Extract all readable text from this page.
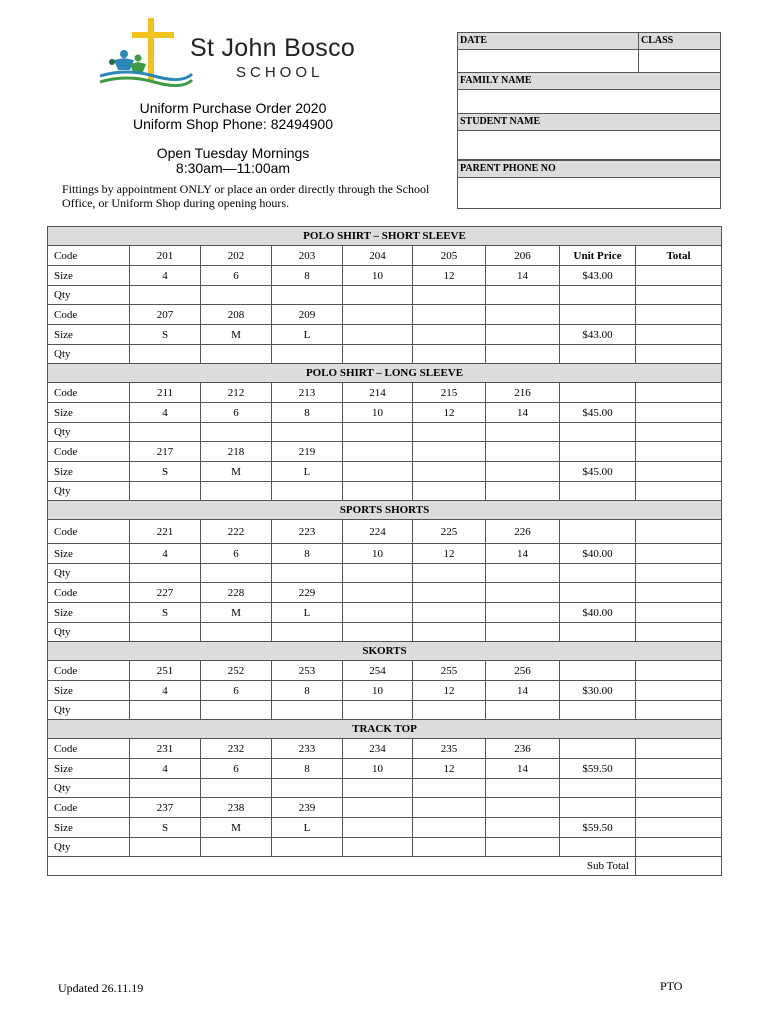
St John Bosco
SCHOOL
Uniform Purchase Order 2020
Uniform Shop Phone: 82494900
Open Tuesday Mornings
8:30am—11:00am
Fittings by appointment ONLY or place an order directly through the School Office, or Uniform Shop during opening hours.
DATE	CLASS
FAMILY NAME
STUDENT NAME
PARENT PHONE NO
POLO SHIRT – SHORT SLEEVE								
Code	201	202	203	204	205	206	Unit Price	Total
Size	4	6	8	10	12	14	$43.00	
Qty								
Code	207	208	209					
Size	S	M	L				$43.00	
Qty								
POLO SHIRT – LONG SLEEVE								
Code	211	212	213	214	215	216		
Size	4	6	8	10	12	14	$45.00	
Qty								
Code	217	218	219					
Size	S	M	L				$45.00	
Qty								
SPORTS SHORTS								
Code	221	222	223	224	225	226		
Size	4	6	8	10	12	14	$40.00	
Qty								
Code	227	228	229					
Size	S	M	L				$40.00	
Qty								
SKORTS								
Code	251	252	253	254	255	256		
Size	4	6	8	10	12	14	$30.00	
Qty								
TRACK TOP								
Code	231	232	233	234	235	236		
Size	4	6	8	10	12	14	$59.50	
Qty								
Code	237	238	239					
Size	S	M	L				$59.50	
Qty								
Sub Total								
Updated 26.11.19	PTO
